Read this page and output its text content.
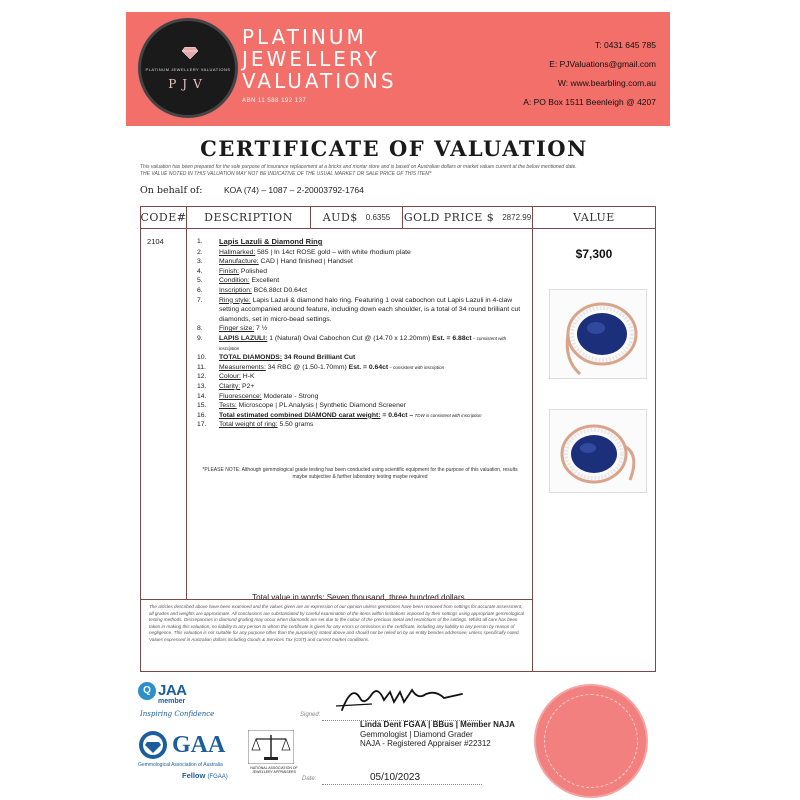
PLATINUM JEWELLERY VALUATIONS
PJV
PLATINUM
JEWELLERY
VALUATIONS
ABN 11 588 192 137
T: 0431 645 785
E: PJValuations@gmail.com
W: www.bearbling.com.au
A: PO Box 1511 Beenleigh @ 4207
CERTIFICATE OF VALUATION
This valuation has been prepared for the sole purpose of insurance replacement at a bricks and mortar store and is based on Australian dollars or market values current at the below mentioned date.
THE VALUE NOTED IN THIS VALUATION MAY NOT BE INDICATIVE OF THE USUAL MARKET OR SALE PRICE OF THIS ITEM*
On behalf of:	KOA (74) – 1087 – 2-20003792-1764
CODE#	DESCRIPTION	AUD$ 0.6355 GOLD PRICE $ 2872.99	VALUE
2104	1. Lapis Lazuli & Diamond Ring
2. Hallmarked: 585 | In 14ct ROSE gold – with white rhodium plate
3. Manufacture: CAD | Hand finished | Handset
4. Finish: Polished
5. Condition: Excellent
6. Inscription: BC6.88ct D0.64ct
7. Ring style: Lapis Lazuli & diamond halo ring. Featuring 1 oval cabochon cut Lapis Lazuli in 4-claw setting accompanied around feature, including down each shoulder, is a total of 34 round brilliant cut diamonds, set in micro-bead settings.
8. Finger size: 7 ½
9. LAPIS LAZULI: 1 (Natural) Oval Cabochon Cut @ (14.70 x 12.20mm) Est. = 6.88ct – consistent with inscription
10. TOTAL DIAMONDS: 34 Round Brilliant Cut
11. Measurements: 34 RBC @ (1.50-1.70mm) Est. = 0.64ct – consistent with inscription
12. Colour: H-K
13. Clarity: P2+
14. Fluorescence: Moderate - Strong
15. Tests: Microscope | PL Analysis | Synthetic Diamond Screener
16. Total estimated combined DIAMOND carat weight: = 0.64ct – TDW is consistent with inscription
17. Total weight of ring: 5.50 grams
*PLEASE NOTE: Although gemmological grade testing has been conducted using scientific equipment for the purpose of this valuation, results maybe subjective & further laboratory testing maybe required
Total value in words: Seven thousand, three hundred dollars.
$7,300
The articles described above have been examined and the values given are an expression of our opinion unless gemstones have been removed from settings for accurate assessment, all grades and weights are approximate. All conclusions are substantiated by careful examination of the items within limitations imposed by their settings using appropriate gemmological testing methods. Discrepancies in diamond grading may occur when diamonds are set due to the colour of the precious metal and restrictions of the settings. Whilst all care has been taken in making this valuation, no liability to any person to whom the certificate is given for any errors or omissions in the certificate, including any liability to any person by reason of negligence. This valuation is not suitable for any purpose other than the purpose(s) stated above and should not be relied on by an entity besides addressee, unless specifically noted. Values expressed in Australian dollars including Goods & Services Tax (GST) and current market conditions.
Q JAA
member
Inspiring Confidence
GAA
Gemmological Association of Australia
Fellow (FGAA)
NATIONAL ASSOCIATION OF JEWELLERY APPRAISERS
Signed:
Linda Dent FGAA | BBus | Member NAJA
Gemmologist | Diamond Grader
NAJA - Registered Appraiser #22312
Date:	05/10/2023
